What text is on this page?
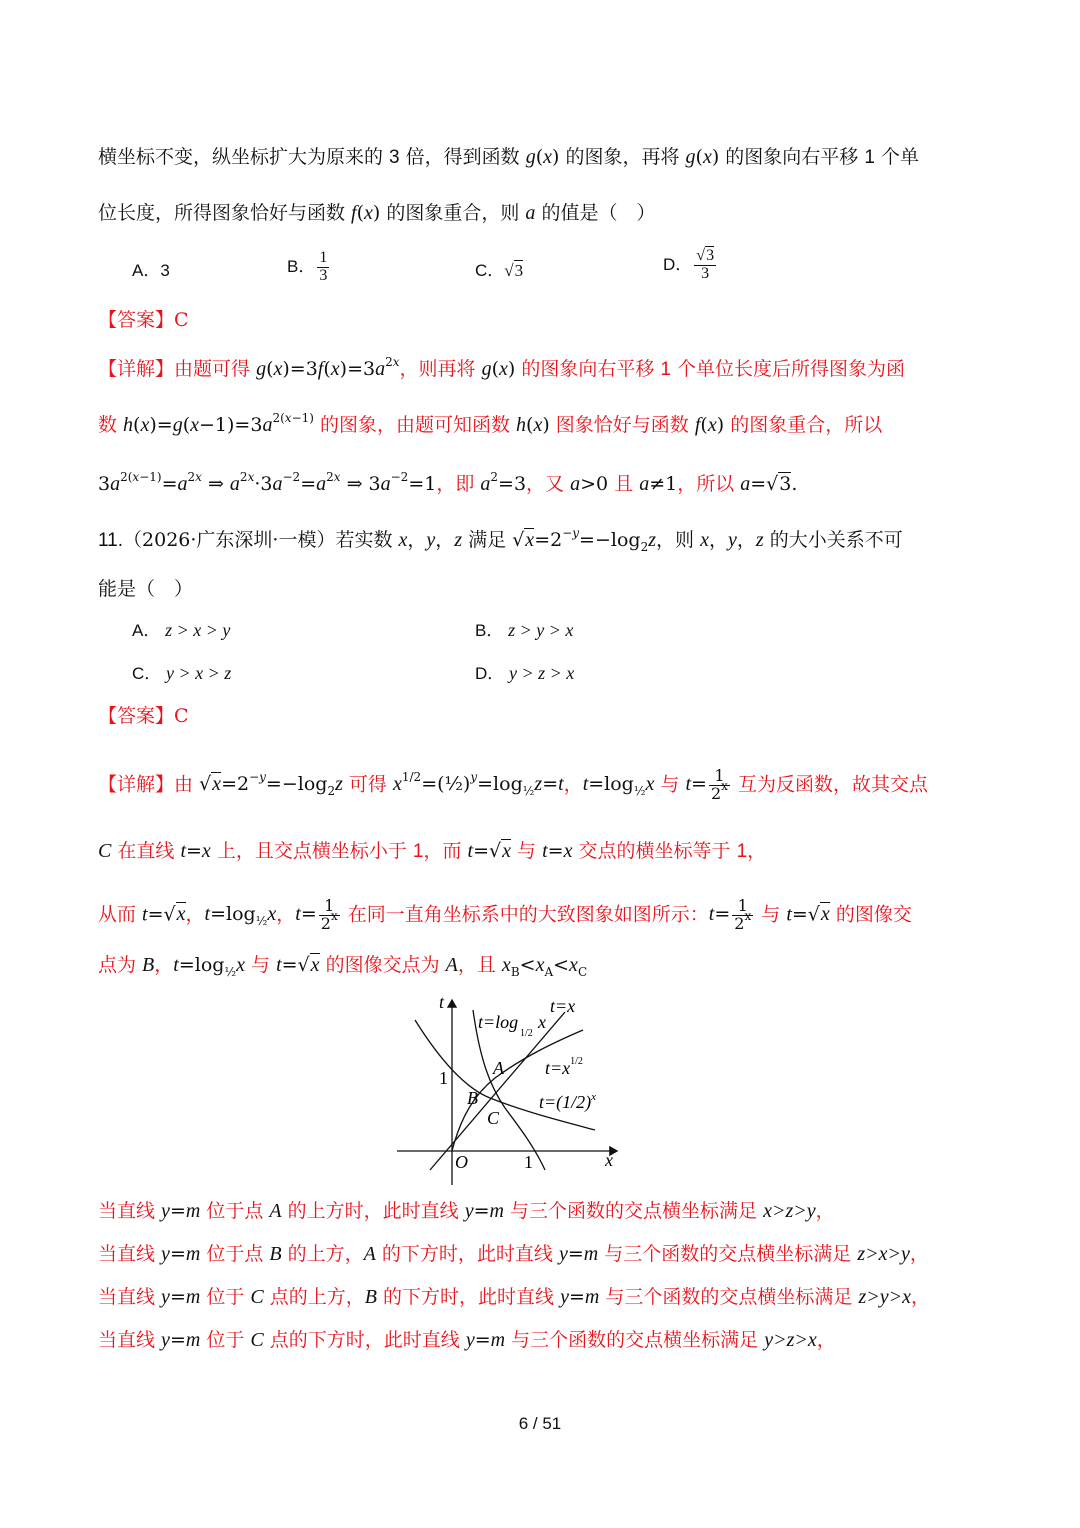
横坐标不变，纵坐标扩大为原来的 3 倍，得到函数 g(x) 的图象，再将 g(x) 的图象向右平移 1 个单
位长度，所得图象恰好与函数 f(x) 的图象重合，则 a 的值是（　）
A．3	B． $\frac{1}{3}$	C．√3	D． $\frac{√3}{3}$
【答案】C
【详解】由题可得 $g(x)=3f(x)=3a^{2x}$，则再将 g(x) 的图象向右平移 1 个单位长度后所得图象为函
数 $h(x)=g(x-1)=3a^{2(x-1)}$ 的图象，由题可知函数 h(x) 图象恰好与函数 f(x) 的图象重合，所以
$3a^{2(x-1)}=a^{2x}$ ⇒ $a^{2x}\cdot 3a^{-2}=a^{2x}$ ⇒ $3a^{-2}=1$，即 $a^2=3$，又 a>0 且 a≠1，所以 a=√3.
11.（2026·广东深圳·一模）若实数 x，y，z 满足 $√x=2^{-y}=-\log_2z$，则 x，y，z 的大小关系不可
能是（　）
A． z > x > y	B． z > y > x
C． y > x > z	D． y > z > x
【答案】C
【详解】由 $√x=2^{-y}=-\log_2z$ 可得 $x^{1/2}=(\frac{1}{2})^y=\log_{\frac{1}{2}}z=t$，$t=\log_{\frac{1}{2}}x$ 与 $t= \frac{1}{2^x}$ 互为反函数，故其交点
C 在直线 t=x 上，且交点横坐标小于 1，而 t=√x 与 t=x 交点的横坐标等于 1，
从而 t=√x，$t=\log_{\frac{1}{2}}x$，$t= \frac{1}{2^x}$ 在同一直角坐标系中的大致图象如图所示：$t= \frac{1}{2^x}$ 与 t=√x 的图像交
点为 B，$t=\log_{\frac{1}{2}}x$ 与 t=√x 的图像交点为 A，且 $x_B<x_A<x_C$
t
x
O
1
1
A
B
C
t=log1/2x
t=x
$t=x^{1/2}$
$t=(1/2)^x$
当直线 y=m 位于点 A 的上方时，此时直线 y=m 与三个函数的交点横坐标满足 x>z>y，
当直线 y=m 位于点 B 的上方，A 的下方时，此时直线 y=m 与三个函数的交点横坐标满足 z>x>y，
当直线 y=m 位于 C 点的上方，B 的下方时，此时直线 y=m 与三个函数的交点横坐标满足 z>y>x，
当直线 y=m 位于 C 点的下方时，此时直线 y=m 与三个函数的交点横坐标满足 y>z>x，
6 / 51
